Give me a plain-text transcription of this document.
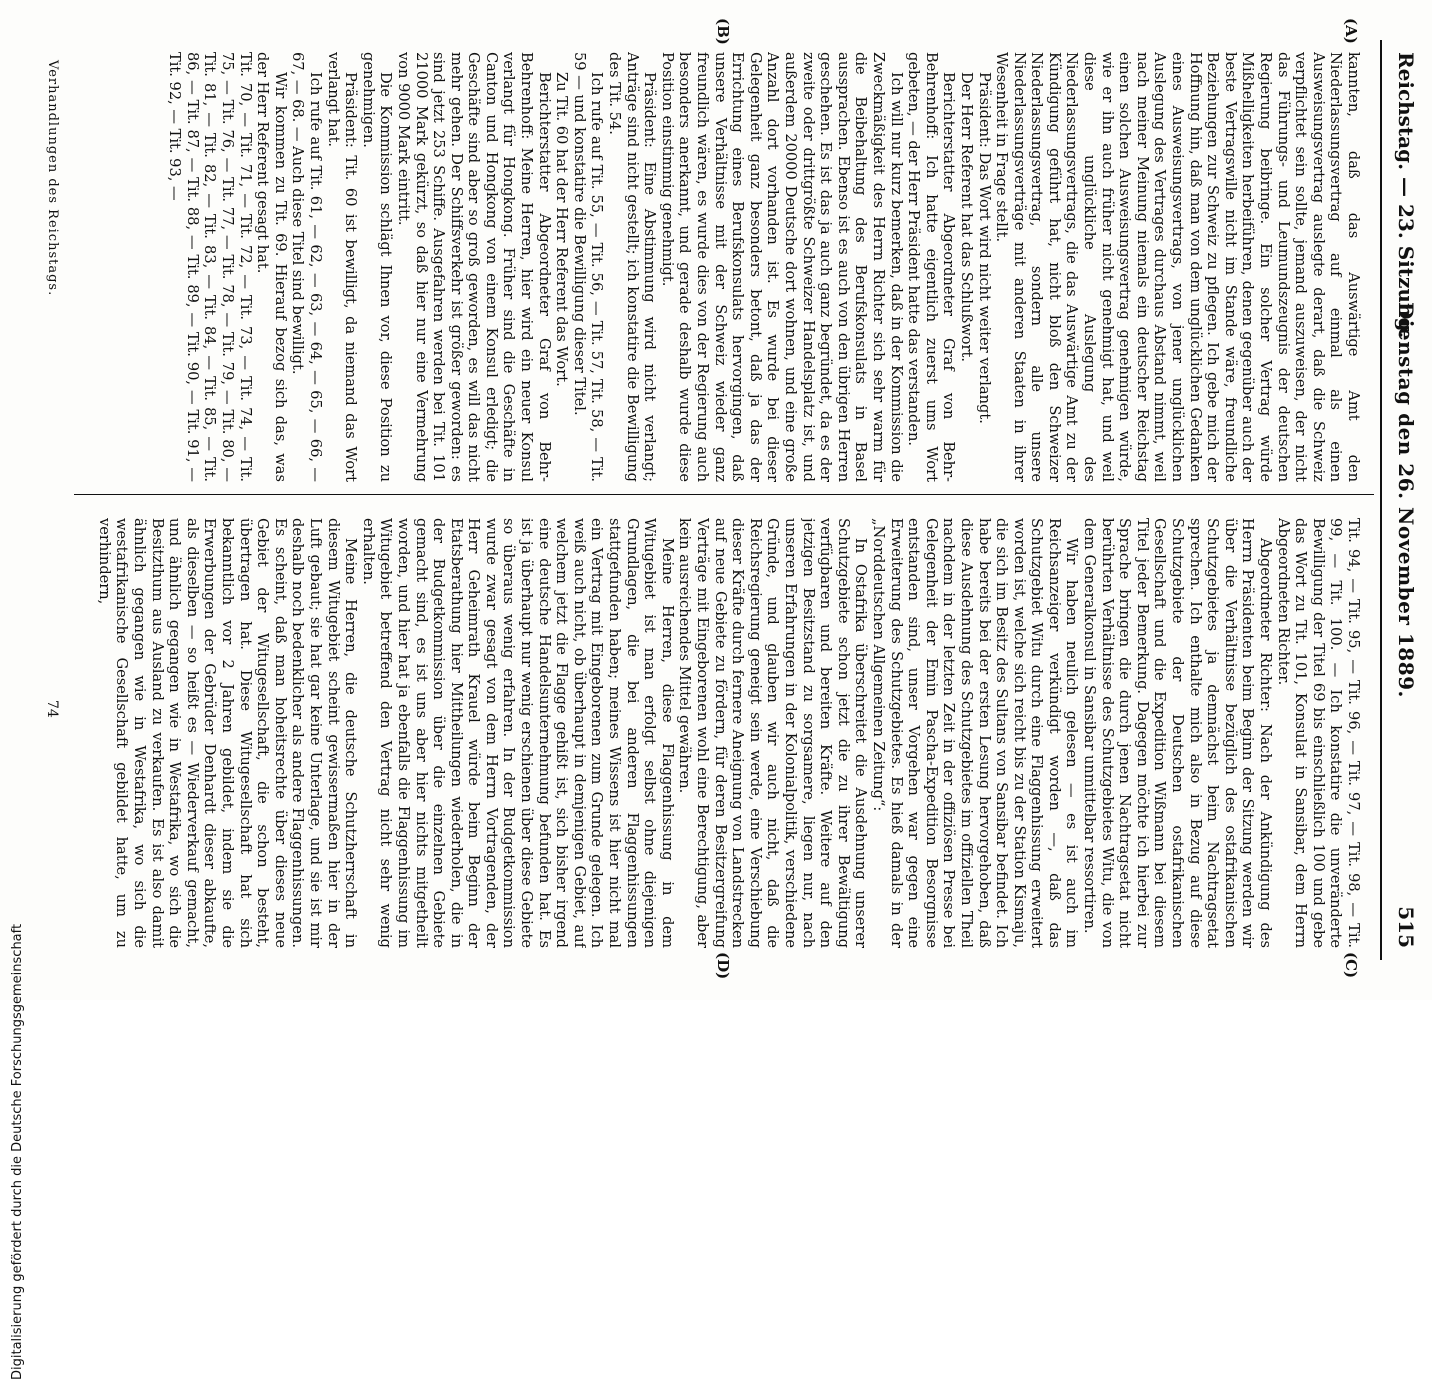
Reichstag. — 23. Sitzung.
Dienstag den 26. November 1889.
515
(A)
(B)
(C)
(D)

kannten, daß das Auswärtige Amt den Niederlassungsvertrag auf einmal als einen Ausweisungsvertrag auslegte derart, daß die Schweiz verpflichtet sein sollte, jemand auszuweisen, der nicht das Führungs- und Leumundszeugnis der deutschen Regierung beibringe. Ein solcher Vertrag würde Mißhelligkeiten herbeiführen, denen gegenüber auch der beste Vertragswille nicht im Stande wäre, freundliche Beziehungen zur Schweiz zu pflegen. Ich gebe mich der Hoffnung hin, daß man von dem unglücklichen Gedanken eines Ausweisungsvertrags, von jener unglücklichen Auslegung des Vertrages durchaus Abstand nimmt, weil nach meiner Meinung niemals ein deutscher Reichstag einen solchen Ausweisungsvertrag genehmigen würde, wie er ihn auch früher nicht genehmigt hat, und weil diese unglückliche Auslegung des Niederlassungsvertrags, die das Auswärtige Amt zu der Kündigung geführt hat, nicht bloß den Schweizer Niederlassungsvertrag, sondern alle unsere Niederlassungsverträge mit anderen Staaten in ihrer Wesenheit in Frage stellt.

Präsident: Das Wort wird nicht weiter verlangt.

Der Herr Referent hat das Schlußwort.

Berichterstatter Abgeordneter Graf von Behr-Behrenhoff: Ich hatte eigentlich zuerst ums Wort gebeten, — der Herr Präsident hatte das verstanden.

Ich will nur kurz bemerken, daß in der Kommission die Zweckmäßigkeit des Herrn Richter sich sehr warm für die Beibehaltung des Berufskonsulats in Basel aussprachen. Ebenso ist es auch von den übrigen Herren geschehen. Es ist das ja auch ganz begründet, da es der zweite oder drittgrößte Schweizer Handelsplatz ist, und außerdem 20000 Deutsche dort wohnen, und eine große Anzahl dort vorhanden ist. Es wurde bei dieser Gelegenheit ganz besonders betont, daß ja das der Errichtung eines Berufskonsulats hervorgingen, daß unsere Verhältnisse mit der Schweiz wieder ganz freundlich wären, es wurde dies von der Regierung auch besonders anerkannt, und gerade deshalb wurde diese Position einstimmig genehmigt.

Präsident: Eine Abstimmung wird nicht verlangt; Anträge sind nicht gestellt; ich konstatire die Bewilligung des Tit. 54.

Ich rufe auf Tit. 55, — Tit. 56, — Tit. 57, Tit. 58, — Tit. 59 — und konstatire die Bewilligung dieser Titel.

Zu Tit. 60 hat der Herr Referent das Wort.

Berichterstatter Abgeordneter Graf von Behr-Behrenhoff: Meine Herren, hier wird ein neuer Konsul verlangt für Hongkong. Früher sind die Geschäfte in Canton und Hongkong von einem Konsul erledigt; die Geschäfte sind aber so groß geworden, es will das nicht mehr gehen. Der Schiffsverkehr ist größer geworden: es sind jetzt 253 Schiffe. Ausgefahren werden bei Tit. 101 21000 Mark gekürzt, so daß hier nur eine Vermehrung von 9000 Mark eintritt.

Die Kommission schlägt Ihnen vor, diese Position zu genehmigen.

Präsident: Tit. 60 ist bewilligt, da niemand das Wort verlangt hat.

Ich rufe auf Tit. 61, — 62, — 63, — 64, — 65, — 66, — 67, — 68. — Auch diese Titel sind bewilligt.

Wir kommen zu Tit. 69. Hierauf bezog sich das, was der Herr Referent gesagt hat.

Tit. 70, — Tit. 71, — Tit. 72, — Tit. 73, — Tit. 74, — Tit. 75, — Tit. 76, — Tit. 77, — Tit. 78, — Tit. 79, — Tit. 80, — Tit. 81, — Tit. 82, — Tit. 83, — Tit. 84, — Tit. 85, — Tit. 86, — Tit. 87, — Tit. 88, — Tit. 89, — Tit. 90, — Tit. 91, — Tit. 92, — Tit. 93, —

Tit. 94, — Tit. 95, — Tit. 96, — Tit. 97, — Tit. 98, — Tit. 99, — Tit. 100. — Ich konstatire die unveränderte Bewilligung der Titel 69 bis einschließlich 100 und gebe das Wort zu Tit. 101, Konsulat in Sansibar, dem Herrn Abgeordneten Richter.

Abgeordneter Richter: Nach der Ankündigung des Herrn Präsidenten beim Beginn der Sitzung werden wir über die Verhältnisse bezüglich des ostafrikanischen Schutzgebietes ja demnächst beim Nachtragsetat sprechen. Ich enthalte mich also in Bezug auf diese Schutzgebiete der Deutschen ostafrikanischen Gesellschaft und die Expedition Wißmann bei diesem Titel jeder Bemerkung. Dagegen möchte ich hierbei zur Sprache bringen die durch jenen Nachtragsetat nicht berührten Verhältnisse des Schutzgebietes Witu, die von dem Generalkonsul in Sansibar unmittelbar ressortiren.

Wir haben neulich gelesen — es ist auch im Reichsanzeiger verkündigt worden —, daß das Schutzgebiet Witu durch eine Flaggenhissung erweitert worden ist, welche sich reicht bis zu der Station Kismaju, die sich im Besitz des Sultans von Sansibar befindet. Ich habe bereits bei der ersten Lesung hervorgehoben, daß diese Ausdehnung des Schutzgebietes im offiziellen Theil nachdem in der letzten Zeit in der offiziösen Presse bei Gelegenheit der Emin Pascha-Expedition Besorgnisse entstanden sind, unser Vorgehen war gegen eine Erweiterung des Schutzgebietes. Es hieß damals in der „Norddeutschen Allgemeinen Zeitung“:

In Ostafrika überschreitet die Ausdehnung unserer Schutzgebiete schon jetzt die zu ihrer Bewältigung verfügbaren und bereiten Kräfte. Weitere auf den jetzigen Besitzstand zu sorgsamere, liegen nur, nach unseren Erfahrungen in der Kolonialpolitik, verschiedene Gründe, und glauben wir auch nicht, daß die Reichsregierung geneigt sein werde, eine Verschiebung dieser Kräfte durch fernere Aneignung von Landstrecken auf neue Gebiete zu fördern, für deren Besitzergreifung Verträge mit Eingeborenen wohl eine Berechtigung, aber kein ausreichendes Mittel gewähren.

Meine Herren, diese Flaggenhissung in dem Witugebiet ist man erfolgt selbst ohne diejenigen Grundlagen, die bei anderen Flaggenhissungen stattgefunden haben; meines Wissens ist hier nicht mal ein Vertrag mit Eingeborenen zum Grunde gelegen. Ich weiß auch nicht, ob überhaupt in demjenigen Gebiet, auf welchem jetzt die Flagge gehißt ist, sich bisher irgend eine deutsche Handelsunternehmung befunden hat. Es ist ja überhaupt nur wenig erschienen über diese Gebiete so überaus wenig erfahren. In der Budgetkommission wurde zwar gesagt von dem Herrn Vortragenden, der Herr Geheimrath Krauel würde beim Beginn der Etatsberathung hier Mittheilungen wiederholen, die in der Budgetkommission über die einzelnen Gebiete gemacht sind, es ist uns aber hier nichts mitgetheilt worden, und hier hat ja ebenfalls die Flaggenhissung im Witugebiet betreffend den Vertrag nicht sehr wenig erhalten.

Meine Herren, die deutsche Schutzherrschaft in diesem Witugebiet scheint gewissermaßen hier in der Luft gebaut; sie hat gar keine Unterlage, und sie ist mir deshalb noch bedenklicher als andere Flaggenhissungen. Es scheint, daß man hoheitsrechte über dieses neue Gebiet der Witugesellschaft, die schon besteht, übertragen hat. Diese Witugesellschaft hat sich bekanntlich vor 2 Jahren gebildet, indem sie die Erwerbungen der Gebrüder Denhardt dieser abkaufte, als dieselben — so heißt es — Wiederverkauf gemacht, und ähnlich gegangen wie in Westafrika, wo sich die Besitzthum aus Ausland zu verkaufen. Es ist also damit ähnlich gegangen wie in Westafrika, wo sich die westafrikanische Gesellschaft gebildet hatte, um zu verhindern,

Verhandlungen des Reichstags.
74
Digitalisierung gefördert durch die Deutsche Forschungsgemeinschaft
